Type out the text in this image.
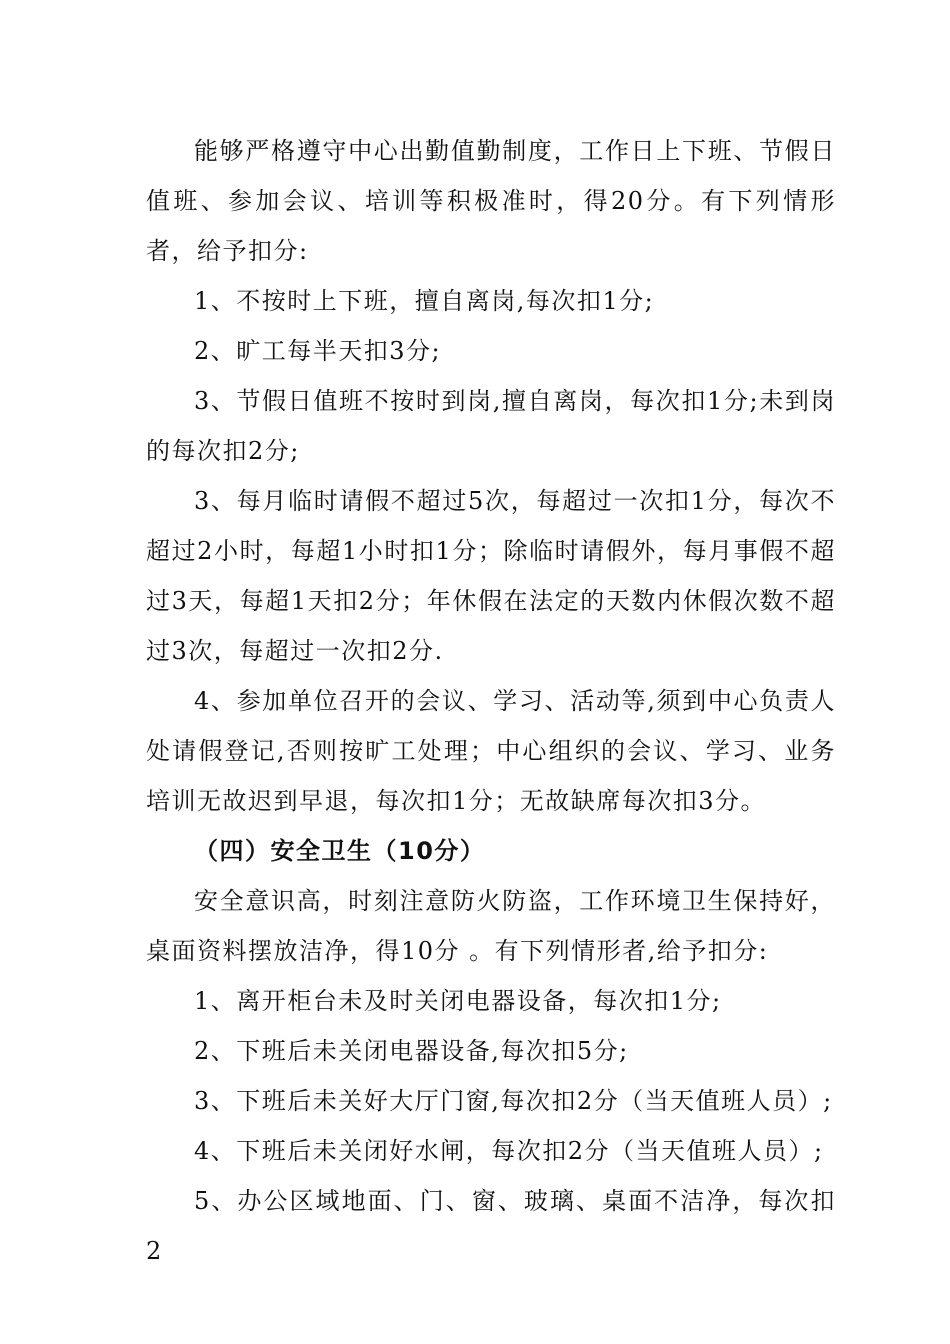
能够严格遵守中心出勤值勤制度，工作日上下班、节假日值班、参加会议、培训等积极准时，得20分。有下列情形者，给予扣分:

1、不按时上下班，擅自离岗,每次扣1分;

2、旷工每半天扣3分;

3、节假日值班不按时到岗,擅自离岗，每次扣1分;未到岗的每次扣2分;

3、每月临时请假不超过5次，每超过一次扣1分，每次不超过2小时，每超1小时扣1分；除临时请假外，每月事假不超过3天，每超1天扣2分；年休假在法定的天数内休假次数不超过3次，每超过一次扣2分.

4、参加单位召开的会议、学习、活动等,须到中心负责人处请假登记,否则按旷工处理；中心组织的会议、学习、业务培训无故迟到早退，每次扣1分；无故缺席每次扣3分。

（四）安全卫生（10分）

安全意识高，时刻注意防火防盗，工作环境卫生保持好，桌面资料摆放洁净，得10分 。有下列情形者,给予扣分:

1、离开柜台未及时关闭电器设备，每次扣1分;

2、下班后未关闭电器设备,每次扣5分;

3、下班后未关好大厅门窗,每次扣2分（当天值班人员）;

4、下班后未关闭好水闸，每次扣2分（当天值班人员）;

5、办公区域地面、门、窗、玻璃、桌面不洁净，每次扣2
